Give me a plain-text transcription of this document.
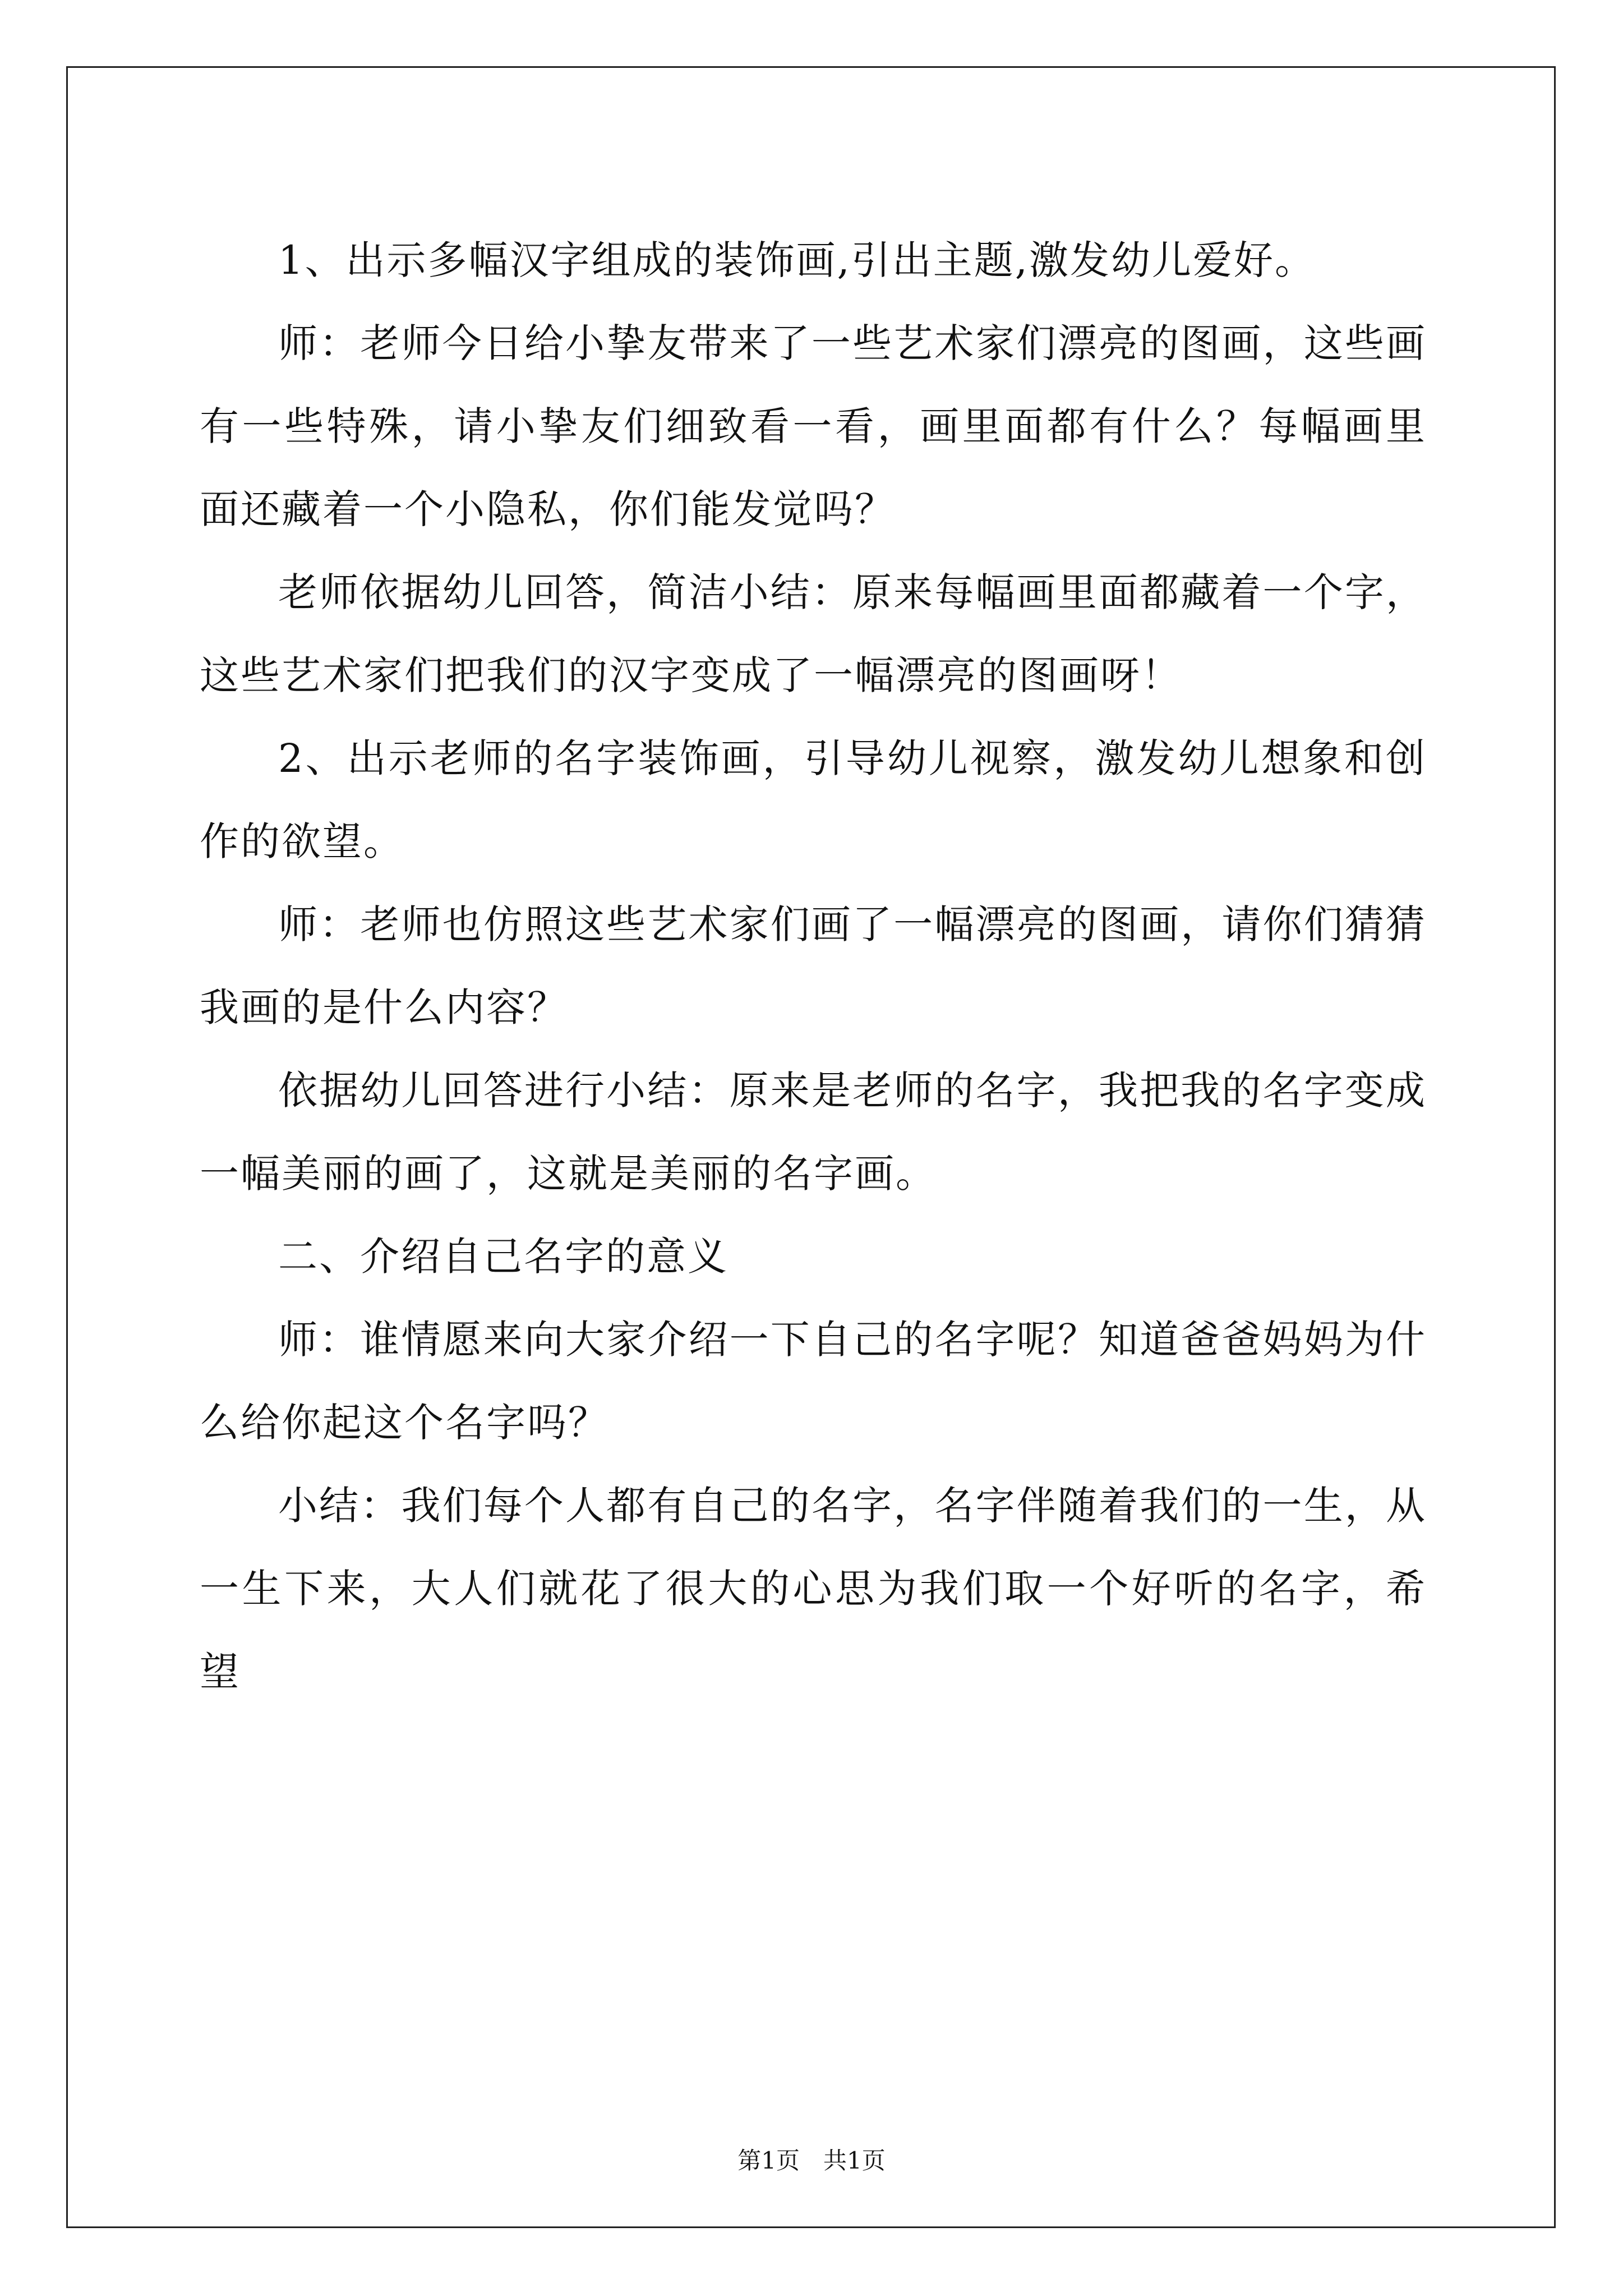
1、出示多幅汉字组成的装饰画,引出主题,激发幼儿爱好。

师：老师今日给小挚友带来了一些艺术家们漂亮的图画，这些画有一些特殊，请小挚友们细致看一看，画里面都有什么？每幅画里面还藏着一个小隐私，你们能发觉吗？

老师依据幼儿回答，简洁小结：原来每幅画里面都藏着一个字，这些艺术家们把我们的汉字变成了一幅漂亮的图画呀！

2、出示老师的名字装饰画，引导幼儿视察，激发幼儿想象和创作的欲望。

师：老师也仿照这些艺术家们画了一幅漂亮的图画，请你们猜猜我画的是什么内容？

依据幼儿回答进行小结：原来是老师的名字，我把我的名字变成一幅美丽的画了，这就是美丽的名字画。

二、介绍自己名字的意义

师：谁情愿来向大家介绍一下自己的名字呢？知道爸爸妈妈为什么给你起这个名字吗？

小结：我们每个人都有自己的名字，名字伴随着我们的一生，从一生下来，大人们就花了很大的心思为我们取一个好听的名字，希望

第1页　共1页
